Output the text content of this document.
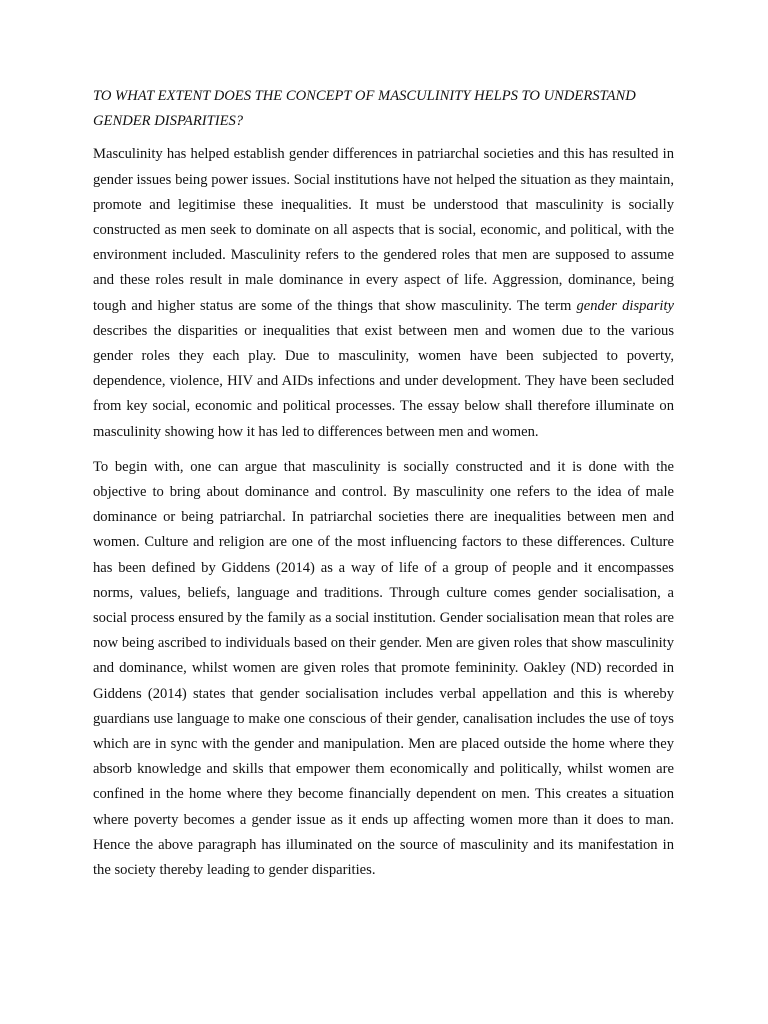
TO WHAT EXTENT DOES THE CONCEPT OF MASCULINITY HELPS TO UNDERSTAND GENDER DISPARITIES?

Masculinity has helped establish gender differences in patriarchal societies and this has resulted in gender issues being power issues. Social institutions have not helped the situation as they maintain, promote and legitimise these inequalities. It must be understood that masculinity is socially constructed as men seek to dominate on all aspects that is social, economic, and political, with the environment included. Masculinity refers to the gendered roles that men are supposed to assume and these roles result in male dominance in every aspect of life. Aggression, dominance, being tough and higher status are some of the things that show masculinity. The term gender disparity describes the disparities or inequalities that exist between men and women due to the various gender roles they each play. Due to masculinity, women have been subjected to poverty, dependence, violence, HIV and AIDs infections and under development. They have been secluded from key social, economic and political processes. The essay below shall therefore illuminate on masculinity showing how it has led to differences between men and women.

To begin with, one can argue that masculinity is socially constructed and it is done with the objective to bring about dominance and control. By masculinity one refers to the idea of male dominance or being patriarchal. In patriarchal societies there are inequalities between men and women. Culture and religion are one of the most influencing factors to these differences. Culture has been defined by Giddens (2014) as a way of life of a group of people and it encompasses norms, values, beliefs, language and traditions. Through culture comes gender socialisation, a social process ensured by the family as a social institution. Gender socialisation mean that roles are now being ascribed to individuals based on their gender. Men are given roles that show masculinity and dominance, whilst women are given roles that promote femininity. Oakley (ND) recorded in Giddens (2014) states that gender socialisation includes verbal appellation and this is whereby guardians use language to make one conscious of their gender, canalisation includes the use of toys which are in sync with the gender and manipulation. Men are placed outside the home where they absorb knowledge and skills that empower them economically and politically, whilst women are confined in the home where they become financially dependent on men. This creates a situation where poverty becomes a gender issue as it ends up affecting women more than it does to man. Hence the above paragraph has illuminated on the source of masculinity and its manifestation in the society thereby leading to gender disparities.
